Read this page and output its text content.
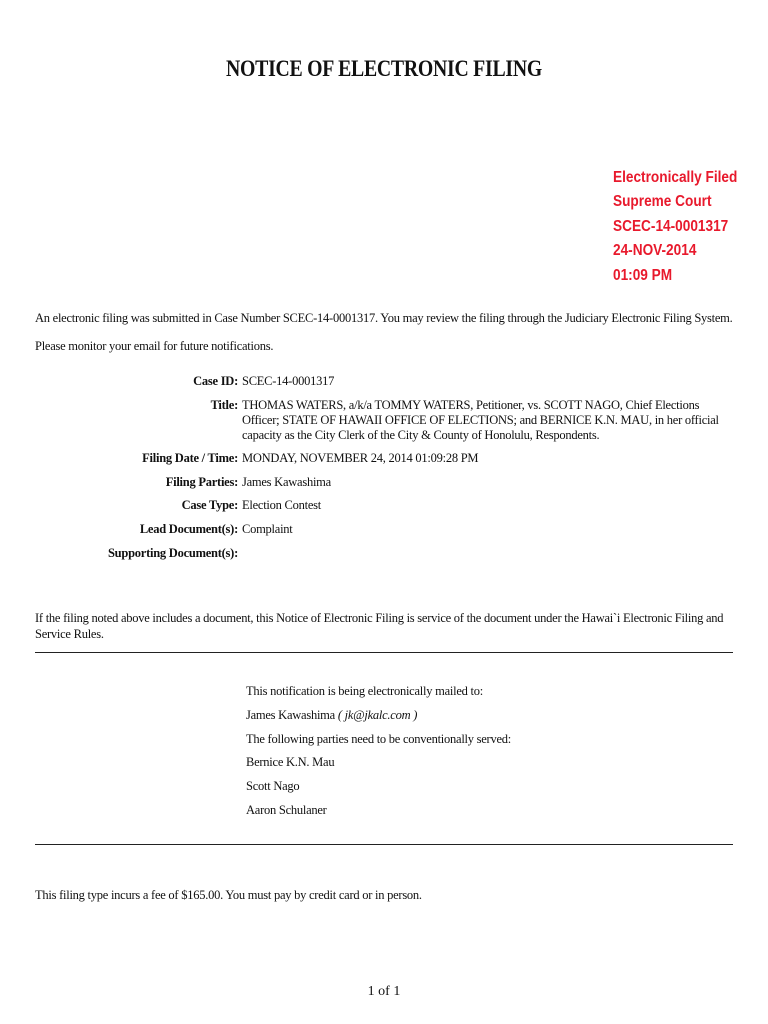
NOTICE OF ELECTRONIC FILING
Electronically Filed
Supreme Court
SCEC-14-0001317
24-NOV-2014
01:09 PM
An electronic filing was submitted in Case Number SCEC-14-0001317. You may review the filing through the Judiciary Electronic Filing System. Please monitor your email for future notifications.
Case ID: SCEC-14-0001317
Title: THOMAS WATERS, a/k/a TOMMY WATERS, Petitioner, vs. SCOTT NAGO, Chief Elections Officer; STATE OF HAWAII OFFICE OF ELECTIONS; and BERNICE K.N. MAU, in her official capacity as the City Clerk of the City & County of Honolulu, Respondents.
Filing Date / Time: MONDAY, NOVEMBER 24, 2014 01:09:28 PM
Filing Parties: James Kawashima
Case Type: Election Contest
Lead Document(s): Complaint
Supporting Document(s):
If the filing noted above includes a document, this Notice of Electronic Filing is service of the document under the Hawai`i Electronic Filing and Service Rules.
This notification is being electronically mailed to:
James Kawashima ( jk@jkalc.com )
The following parties need to be conventionally served:
Bernice K.N. Mau
Scott Nago
Aaron Schulaner
This filing type incurs a fee of $165.00. You must pay by credit card or in person.
1 of 1
